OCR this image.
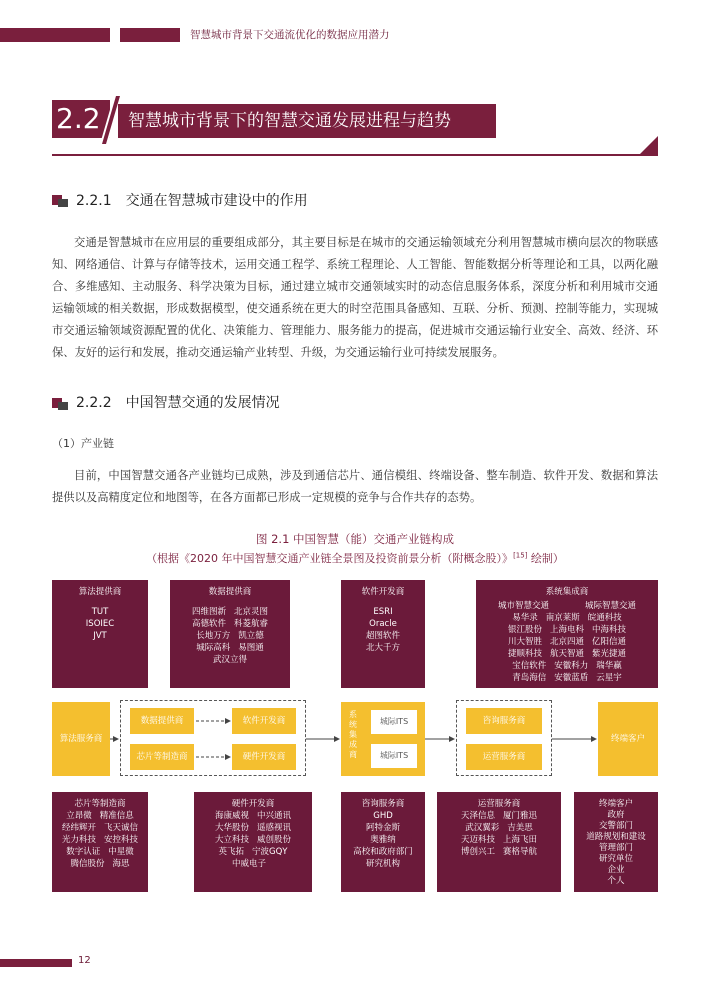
智慧城市背景下交通流优化的数据应用潜力
2.2	智慧城市背景下的智慧交通发展进程与趋势
2.2.1 交通在智慧城市建设中的作用
交通是智慧城市在应用层的重要组成部分，其主要目标是在城市的交通运输领域充分利用智慧城市横向层次的物联感知、网络通信、计算与存储等技术，运用交通工程学、系统工程理论、人工智能、智能数据分析等理论和工具，以两化融合、多维感知、主动服务、科学决策为目标，通过建立城市交通领域实时的动态信息服务体系，深度分析和利用城市交通运输领域的相关数据，形成数据模型，使交通系统在更大的时空范围具备感知、互联、分析、预测、控制等能力，实现城市交通运输领域资源配置的优化、决策能力、管理能力、服务能力的提高，促进城市交通运输行业安全、高效、经济、环保、友好的运行和发展，推动交通运输产业转型、升级，为交通运输行业可持续发展服务。
2.2.2 中国智慧交通的发展情况
（1）产业链
目前，中国智慧交通各产业链均已成熟，涉及到通信芯片、通信模组、终端设备、整车制造、软件开发、数据和算法提供以及高精度定位和地图等，在各方面都已形成一定规模的竞争与合作共存的态势。
图 2.1 中国智慧（能）交通产业链构成
（根据《2020 年中国智慧交通产业链全景图及投资前景分析（附概念股）》[15] 绘制）
算法提供商
TUT
ISOIEC
JVT
数据提供商
四维图新 北京灵图
高德软件 科菱航睿
长地万方 凯立德
城际高科 易图通
武汉立得
软件开发商
ESRI
Oracle
超图软件
北大千方
系统集成商
城市智慧交通	城际智慧交通
易华录 南京莱斯 皖通科技
银江股份 上海电科 中海科技
川大智胜 北京四通 亿阳信通
捷顺科技 航天智通 紫光捷通
宝信软件 安徽科力 瑞华赢
青岛海信 安徽蓝盾 云星宇
算法服务商
数据提供商	软件开发商
芯片等制造商	硬件开发商
系统集成商
城际ITS
城际ITS
咨询服务商
运营服务商
终端客户
芯片等制造商
立昂微 精准信息
经纬辉开 飞天诚信
光力科技 安控科技
数字认证 中星微
腾信股份 海思
硬件开发商
海康威视 中兴通讯
大华股份 遥感视讯
大立科技 威创股份
英飞拓 宁波GQY
中威电子
咨询服务商
GHD
阿特金斯
奥雅纳
高校和政府部门
研究机构
运营服务商
天泽信息 厦门雅迅
武汉翼彩 吉美思
天迈科技 上海飞田
博创兴工 赛格导航
终端客户
政府
交警部门
道路规划和建设
管理部门
研究单位
企业
个人
12
